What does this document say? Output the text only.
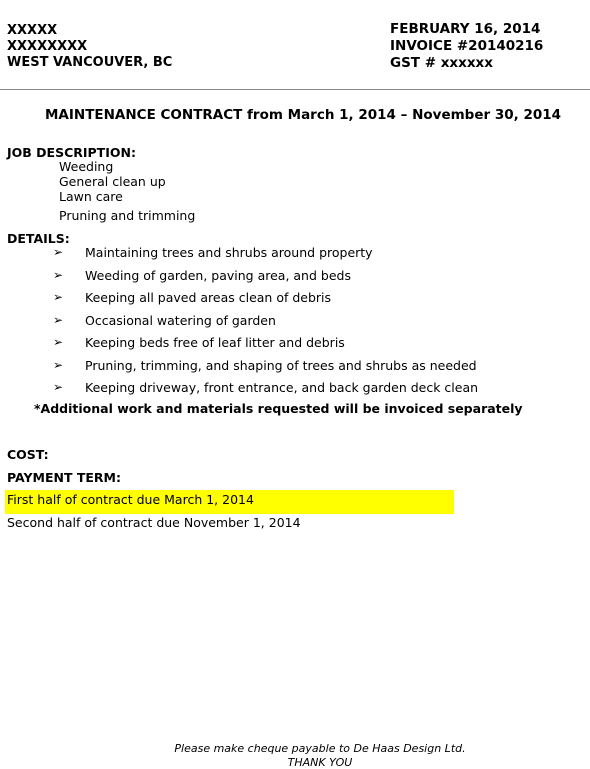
XXXXX
XXXXXXXX
WEST VANCOUVER, BC
FEBRUARY 16, 2014
INVOICE #20140216
GST # xxxxxx
MAINTENANCE CONTRACT from March 1, 2014 – November 30, 2014
JOB DESCRIPTION:
Weeding
General clean up
Lawn care
Pruning and trimming
DETAILS:
➢ Maintaining trees and shrubs around property
➢ Weeding of garden, paving area, and beds
➢ Keeping all paved areas clean of debris
➢ Occasional watering of garden
➢ Keeping beds free of leaf litter and debris
➢ Pruning, trimming, and shaping of trees and shrubs as needed
➢ Keeping driveway, front entrance, and back garden deck clean
*Additional work and materials requested will be invoiced separately
COST:
PAYMENT TERM:
First half of contract due March 1, 2014
Second half of contract due November 1, 2014
Please make cheque payable to De Haas Design Ltd.
THANK YOU
